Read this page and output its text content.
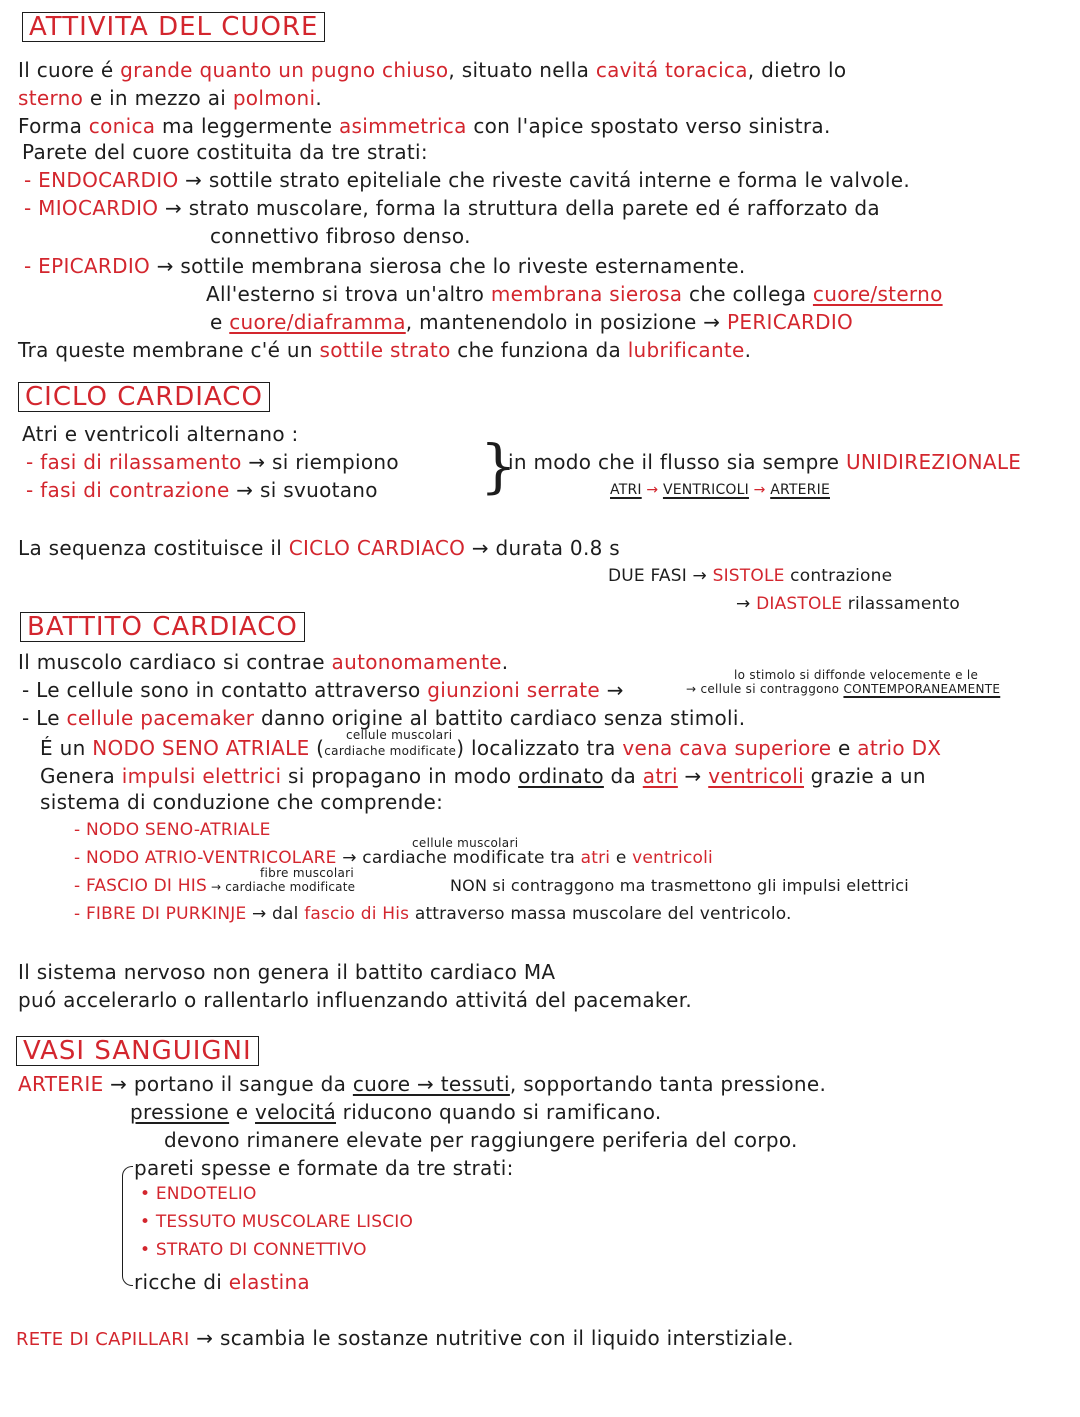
ATTIVITA DEL CUORE
Il cuore é grande quanto un pugno chiuso, situato nella cavitá toracica, dietro lo
sterno e in mezzo ai polmoni.
Forma conica ma leggermente asimmetrica con l'apice spostato verso sinistra.
Parete del cuore costituita da tre strati:
- ENDOCARDIO → sottile strato epiteliale che riveste cavitá interne e forma le valvole.
- MIOCARDIO → strato muscolare, forma la struttura della parete ed é rafforzato da
connettivo fibroso denso.
- EPICARDIO → sottile membrana sierosa che lo riveste esternamente.
All'esterno si trova un'altro membrana sierosa che collega cuore/sterno
e cuore/diaframma, mantenendolo in posizione → PERICARDIO
Tra queste membrane c'é un sottile strato che funziona da lubrificante.
CICLO CARDIACO
Atri e ventricoli alternano :
- fasi di rilassamento → si riempiono
- fasi di contrazione → si svuotano }
in modo che il flusso sia sempre UNIDIREZIONALE
ATRI → VENTRICOLI → ARTERIE
La sequenza costituisce il CICLO CARDIACO → durata 0.8 s
DUE FASI → SISTOLE contrazione
→ DIASTOLE rilassamento
BATTITO CARDIACO
Il muscolo cardiaco si contrae autonomamente.
lo stimolo si diffonde velocemente e le
→ cellule si contraggono CONTEMPORANEAMENTE
- Le cellule sono in contatto attraverso giunzioni serrate →
- Le cellule pacemaker danno origine al battito cardiaco senza stimoli.
cellule muscolari
É un NODO SENO ATRIALE (cardiache modificate) localizzato tra vena cava superiore e atrio DX
Genera impulsi elettrici si propagano in modo ordinato da atri → ventricoli grazie a un
sistema di conduzione che comprende:
- NODO SENO-ATRIALE
cellule muscolari
- NODO ATRIO-VENTRICOLARE → cardiache modificate tra atri e ventricoli
fibre muscolari
- FASCIO DI HIS → cardiache modificate	NON si contraggono ma trasmettono gli impulsi elettrici
- FIBRE DI PURKINJE → dal fascio di His attraverso massa muscolare del ventricolo.
Il sistema nervoso non genera il battito cardiaco MA
puó accelerarlo o rallentarlo influenzando attivitá del pacemaker.
VASI SANGUIGNI
ARTERIE → portano il sangue da cuore → tessuti, sopportando tanta pressione.
pressione e velocitá riducono quando si ramificano.
devono rimanere elevate per raggiungere periferia del corpo.
pareti spesse e formate da tre strati:
• ENDOTELIO
• TESSUTO MUSCOLARE LISCIO
• STRATO DI CONNETTIVO
ricche di elastina
RETE DI CAPILLARI → scambia le sostanze nutritive con il liquido interstiziale.
